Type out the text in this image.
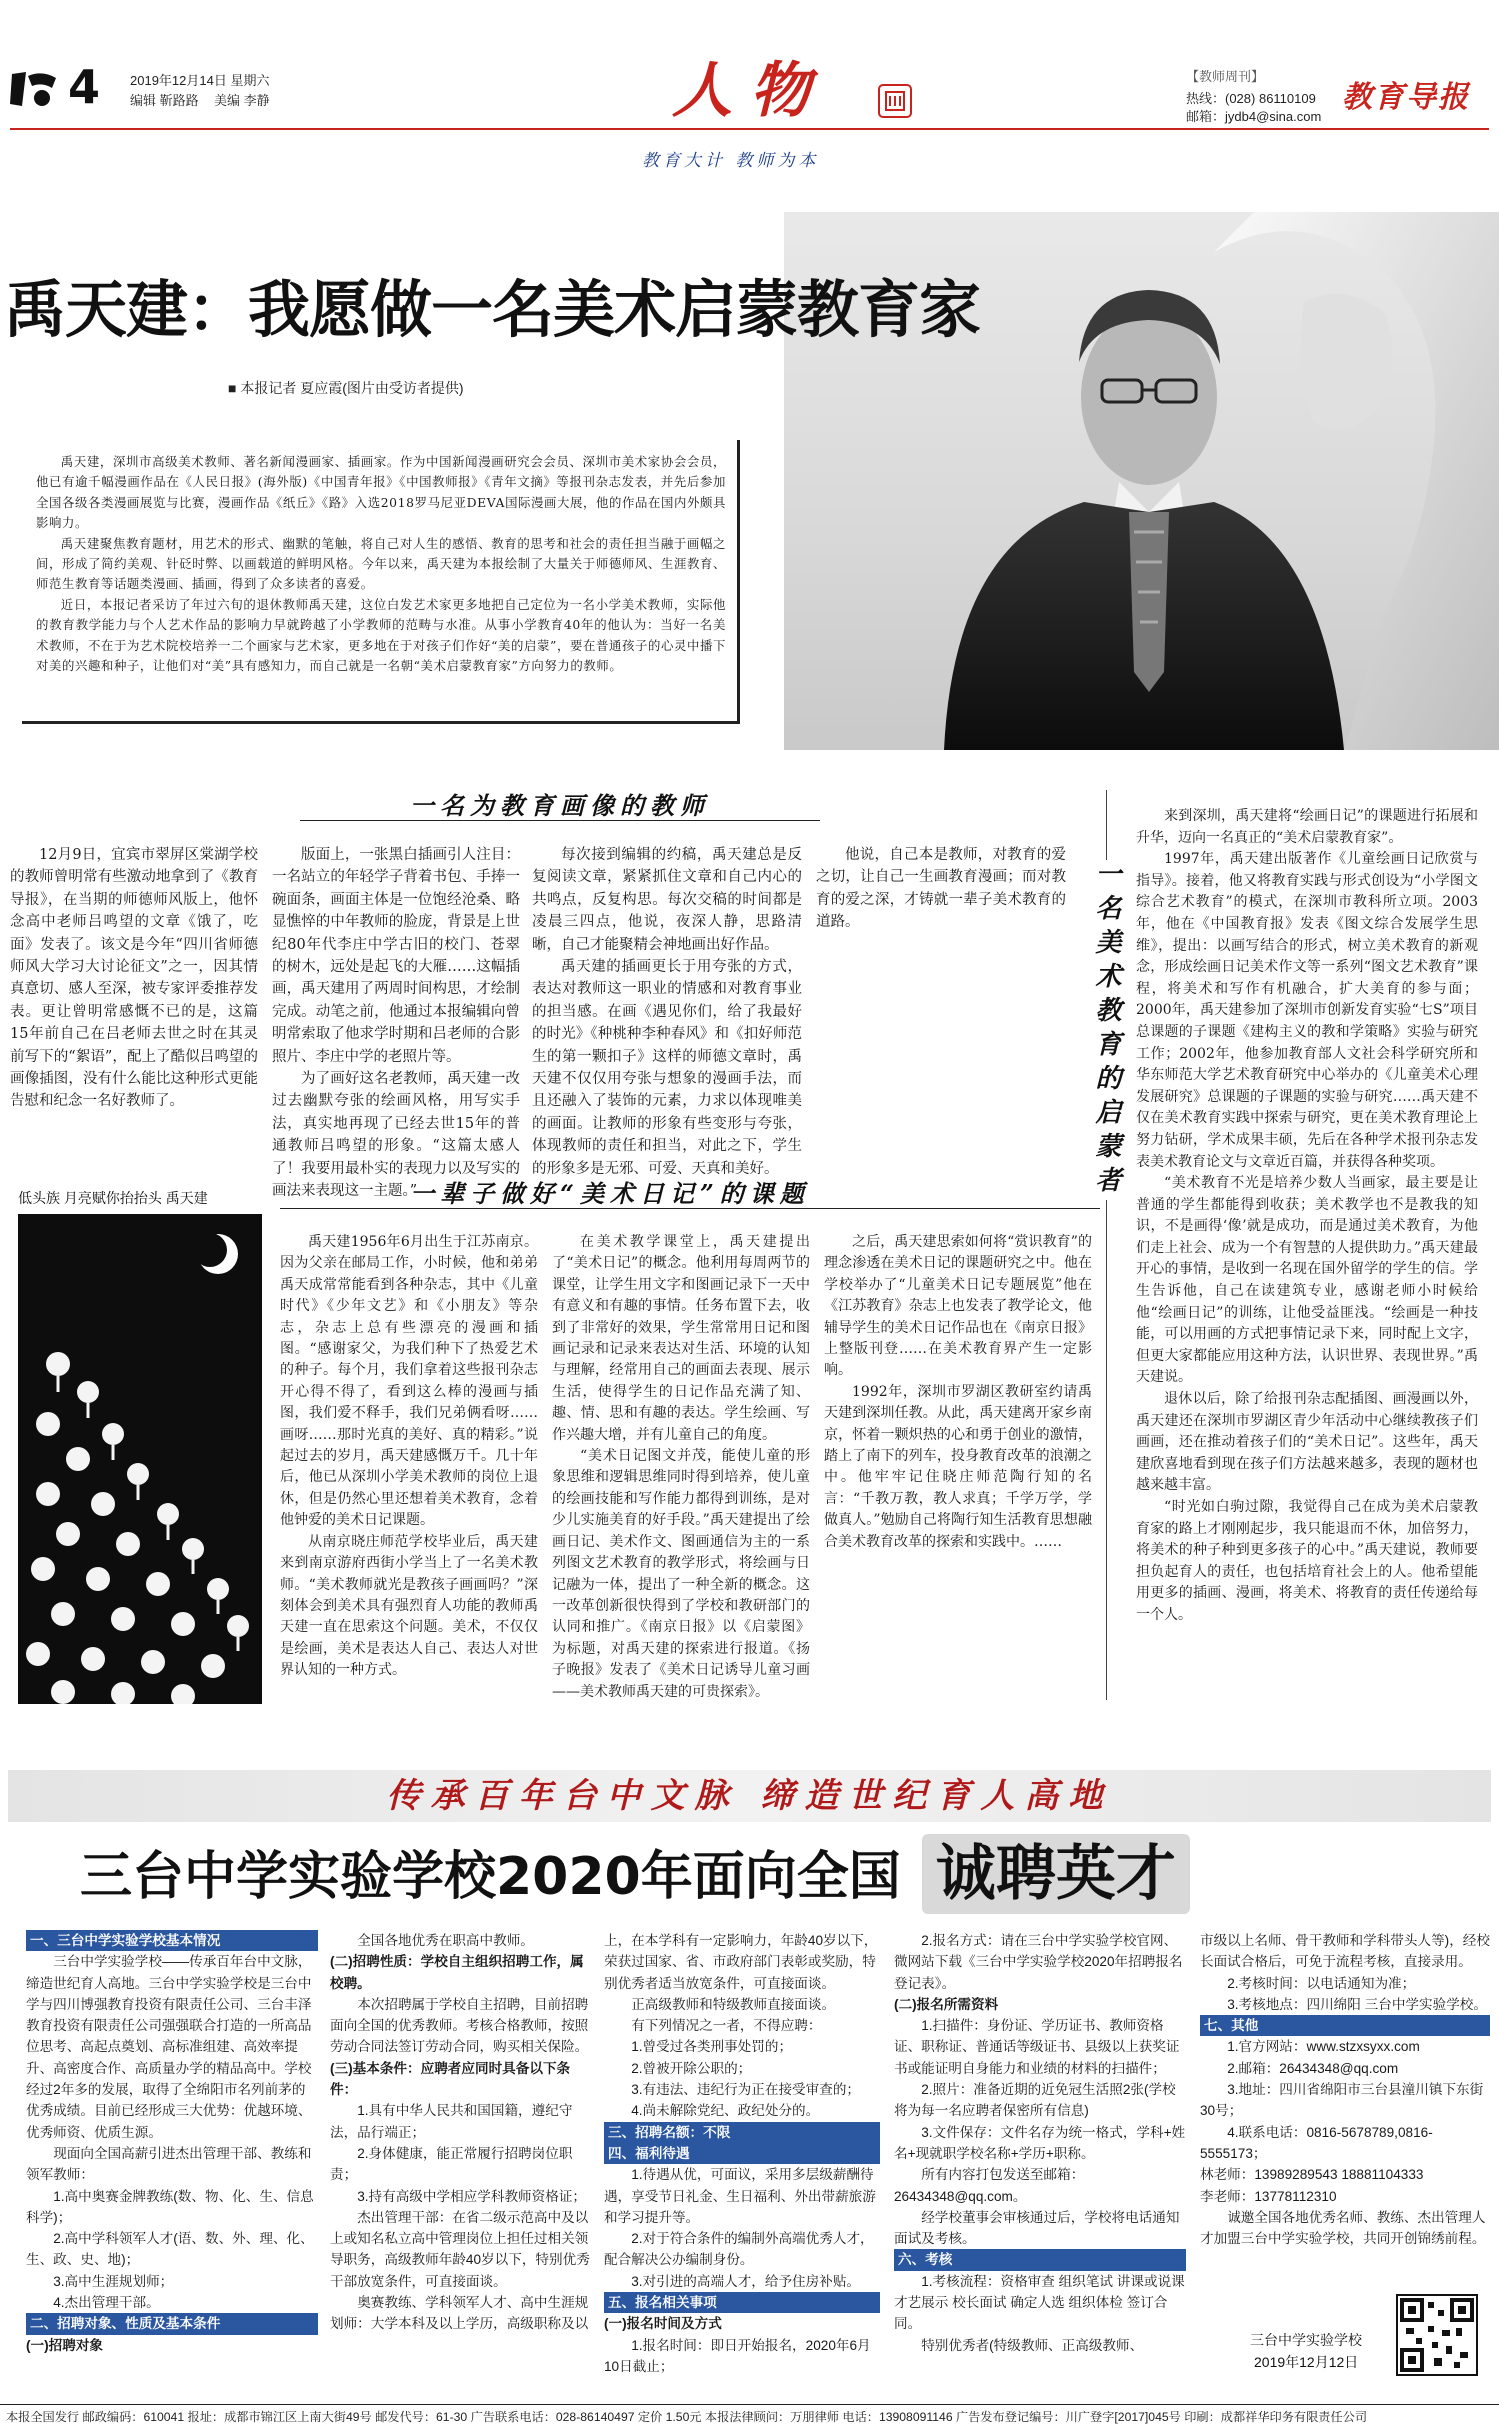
4 2019年12月14日 星期六
编辑 靳路路 美编 李静	人物
教育大计 教师为本
【教师周刊】
热线：(028) 86110109
邮箱：jydb4@sina.com
教育导报
禹天建：我愿做一名美术启蒙教育家
■ 本报记者 夏应霞(图片由受访者提供)

禹天建，深圳市高级美术教师、著名新闻漫画家、插画家。作为中国新闻漫画研究会会员、深圳市美术家协会会员，他已有逾千幅漫画作品在《人民日报》(海外版)《中国青年报》《中国教师报》《青年文摘》等报刊杂志发表，并先后参加全国各级各类漫画展览与比赛，漫画作品《纸丘》《路》入选2018罗马尼亚DEVA国际漫画大展，他的作品在国内外颇具影响力。

禹天建聚焦教育题材，用艺术的形式、幽默的笔触，将自己对人生的感悟、教育的思考和社会的责任担当融于画幅之间，形成了简约美观、针砭时弊、以画载道的鲜明风格。今年以来，禹天建为本报绘制了大量关于师德师风、生涯教育、师范生教育等话题类漫画、插画，得到了众多读者的喜爱。

近日，本报记者采访了年过六旬的退休教师禹天建，这位白发艺术家更多地把自己定位为一名小学美术教师，实际他的教育教学能力与个人艺术作品的影响力早就跨越了小学教师的范畴与水准。从事小学教育40年的他认为：当好一名美术教师，不在于为艺术院校培养一二个画家与艺术家，更多地在于对孩子们作好“美的启蒙”，要在普通孩子的心灵中播下对美的兴趣和种子，让他们对“美”具有感知力，而自己就是一名朝“美术启蒙教育家”方向努力的教师。

一名为教育画像的教师

12月9日，宜宾市翠屏区棠湖学校的教师曾明常有些激动地拿到了《教育导报》，在当期的师德师风版上，他怀念高中老师吕鸣望的文章《饿了，吃面》发表了。该文是今年“四川省师德师风大学习大讨论征文”之一，因其情真意切、感人至深，被专家评委推荐发表。更让曾明常感慨不已的是，这篇15年前自己在吕老师去世之时在其灵前写下的“絮语”，配上了酷似吕鸣望的画像插图，没有什么能比这种形式更能告慰和纪念一名好教师了。

版面上，一张黑白插画引人注目：一名站立的年轻学子背着书包、手捧一碗面条，画面主体是一位饱经沧桑、略显憔悴的中年教师的脸庞，背景是上世纪80年代李庄中学古旧的校门、苍翠的树木，远处是起飞的大雁……这幅插画，禹天建用了两周时间构思，才绘制完成。动笔之前，他通过本报编辑向曾明常索取了他求学时期和吕老师的合影照片、李庄中学的老照片等。

为了画好这名老教师，禹天建一改过去幽默夸张的绘画风格，用写实手法，真实地再现了已经去世15年的普通教师吕鸣望的形象。“这篇太感人了！我要用最朴实的表现力以及写实的画法来表现这一主题。”

每次接到编辑的约稿，禹天建总是反复阅读文章，紧紧抓住文章和自己内心的共鸣点，反复构思。每次交稿的时间都是凌晨三四点，他说，夜深人静，思路清晰，自己才能聚精会神地画出好作品。

禹天建的插画更长于用夸张的方式，表达对教师这一职业的情感和对教育事业的担当感。在画《遇见你们，给了我最好的时光》《种桃种李种春风》和《扣好师范生的第一颗扣子》这样的师德文章时，禹天建不仅仅用夸张与想象的漫画手法，而且还融入了装饰的元素，力求以体现唯美的画面。让教师的形象有些变形与夸张，体现教师的责任和担当，对此之下，学生的形象多是无邪、可爱、天真和美好。

他说，自己本是教师，对教育的爱之切，让自己一生画教育漫画；而对教育的爱之深，才铸就一辈子美术教育的道路。	一名美术教育的启蒙者

来到深圳，禹天建将“绘画日记”的课题进行拓展和升华，迈向一名真正的“美术启蒙教育家”。

1997年，禹天建出版著作《儿童绘画日记欣赏与指导》。接着，他又将教育实践与形式创设为“小学图文综合艺术教育”的模式，在深圳市教科所立项。2003年，他在《中国教育报》发表《图文综合发展学生思维》，提出：以画写结合的形式，树立美术教育的新观念，形成绘画日记美术作文等一系列“图文艺术教育”课程，将美术和写作有机融合，扩大美育的参与面；2000年，禹天建参加了深圳市创新发育实验“七S”项目总课题的子课题《建构主义的教和学策略》实验与研究工作；2002年，他参加教育部人文社会科学研究所和华东师范大学艺术教育研究中心举办的《儿童美术心理发展研究》总课题的子课题的实验与研究……禹天建不仅在美术教育实践中探索与研究，更在美术教育理论上努力钻研，学术成果丰硕，先后在各种学术报刊杂志发表美术教育论文与文章近百篇，并获得各种奖项。

“美术教育不光是培养少数人当画家，最主要是让普通的学生都能得到收获；美术教学也不是教我的知识，不是画得‘像’就是成功，而是通过美术教育，为他们走上社会、成为一个有智慧的人提供助力。”禹天建最开心的事情，是收到一名现在国外留学的学生的信。学生告诉他，自己在读建筑专业，感谢老师小时候给他“绘画日记”的训练，让他受益匪浅。“绘画是一种技能，可以用画的方式把事情记录下来，同时配上文字，但更大家都能应用这种方法，认识世界、表现世界。”禹天建说。

退休以后，除了给报刊杂志配插图、画漫画以外，禹天建还在深圳市罗湖区青少年活动中心继续教孩子们画画，还在推动着孩子们的“美术日记”。这些年，禹天建欣喜地看到现在孩子们方法越来越多，表现的题材也越来越丰富。

“时光如白驹过隙，我觉得自己在成为美术启蒙教育家的路上才刚刚起步，我只能退而不休，加倍努力，将美术的种子种到更多孩子的心中。”禹天建说，教师要担负起育人的责任，也包括培育社会上的人。他希望能用更多的插画、漫画，将美术、将教育的责任传递给每一个人。

低头族 月亮赋你抬抬头 禹天建	一辈子做好“美术日记”的课题

禹天建1956年6月出生于江苏南京。因为父亲在邮局工作，小时候，他和弟弟禹天成常常能看到各种杂志，其中《儿童时代》《少年文艺》和《小朋友》等杂志，杂志上总有些漂亮的漫画和插图。“感谢家父，为我们种下了热爱艺术的种子。每个月，我们拿着这些报刊杂志开心得不得了，看到这么棒的漫画与插图，我们爱不释手，我们兄弟俩看呀……画呀……那时光真的美好、真的精彩。”说起过去的岁月，禹天建感慨万千。几十年后，他已从深圳小学美术教师的岗位上退休，但是仍然心里还想着美术教育，念着他钟爱的美术日记课题。

从南京晓庄师范学校毕业后，禹天建来到南京游府西街小学当上了一名美术教师。“美术教师就光是教孩子画画吗？”深刻体会到美术具有强烈育人功能的教师禹天建一直在思索这个问题。美术，不仅仅是绘画，美术是表达人自己、表达人对世界认知的一种方式。

在美术教学课堂上，禹天建提出了“美术日记”的概念。他利用每周两节的课堂，让学生用文字和图画记录下一天中有意义和有趣的事情。任务布置下去，收到了非常好的效果，学生常常用日记和图画记录和记录来表达对生活、环境的认知与理解，经常用自己的画面去表现、展示生活，使得学生的日记作品充满了知、趣、情、思和有趣的表达。学生绘画、写作兴趣大增，并有儿童自己的角度。

“美术日记图文并茂，能使儿童的形象思维和逻辑思维同时得到培养，使儿童的绘画技能和写作能力都得到训练，是对少儿实施美育的好手段。”禹天建提出了绘画日记、美术作文、图画通信为主的一系列图文艺术教育的教学形式，将绘画与日记融为一体，提出了一种全新的概念。这一改革创新很快得到了学校和教研部门的认同和推广。《南京日报》以《启蒙图》为标题，对禹天建的探索进行报道。《扬子晚报》发表了《美术日记诱导儿童习画——美术教师禹天建的可贵探索》。

之后，禹天建思索如何将“赏识教育”的理念渗透在美术日记的课题研究之中。他在学校举办了“儿童美术日记专题展览”他在《江苏教育》杂志上也发表了教学论文，他辅导学生的美术日记作品也在《南京日报》上整版刊登……在美术教育界产生一定影响。

1992年，深圳市罗湖区教研室约请禹天建到深圳任教。从此，禹天建离开家乡南京，怀着一颗炽热的心和勇于创业的激情，踏上了南下的列车，投身教育改革的浪潮之中。他牢牢记住晓庄师范陶行知的名言：“千教万教，教人求真；千学万学，学做真人。”勉励自己将陶行知生活教育思想融合美术教育改革的探索和实践中。……

传承百年台中文脉 缔造世纪育人高地
三台中学实验学校2020年面向全国 诚聘英才
一、三台中学实验学校基本情况
三台中学实验学校——传承百年台中文脉，缔造世纪育人高地。三台中学实验学校是三台中学与四川博强教育投资有限责任公司、三台丰泽教育投资有限责任公司强强联合打造的一所高品位思考、高起点奠划、高标准组建、高效率提升、高密度合作、高质量办学的精品高中。学校经过2年多的发展，取得了全绵阳市名列前茅的优秀成绩。目前已经形成三大优势：优越环境、优秀师资、优质生源。
现面向全国高薪引进杰出管理干部、教练和领军教师：
1.高中奥赛金牌教练(数、物、化、生、信息科学)；
2.高中学科领军人才(语、数、外、理、化、生、政、史、地)；
3.高中生涯规划师；
4.杰出管理干部。
二、招聘对象、性质及基本条件
(一)招聘对象
全国各地优秀在职高中教师。
(二)招聘性质：学校自主组织招聘工作，属校聘。
本次招聘属于学校自主招聘，目前招聘面向全国的优秀教师。考核合格教师，按照劳动合同法签订劳动合同，购买相关保险。
(三)基本条件：应聘者应同时具备以下条件：
1.具有中华人民共和国国籍，遵纪守法，品行端正；
2.身体健康，能正常履行招聘岗位职责；
3.持有高级中学相应学科教师资格证；
杰出管理干部：在省二级示范高中及以上或知名私立高中管理岗位上担任过相关领导职务，高级教师年龄40岁以下，特别优秀干部放宽条件，可直接面谈。
奥赛教练、学科领军人才、高中生涯规划师：大学本科及以上学历，高级职称及以
上，在本学科有一定影响力，年龄40岁以下，荣获过国家、省、市政府部门表彰或奖励，特别优秀者适当放宽条件，可直接面谈。
正高级教师和特级教师直接面谈。
有下列情况之一者，不得应聘：
1.曾受过各类刑事处罚的；
2.曾被开除公职的；
3.有违法、违纪行为正在接受审查的；
4.尚未解除党纪、政纪处分的。
三、招聘名额：不限
四、福利待遇
1.待遇从优，可面议，采用多层级薪酬待遇，享受节日礼金、生日福利、外出带薪旅游和学习提升等。
2.对于符合条件的编制外高端优秀人才，配合解决公办编制身份。
3.对引进的高端人才，给予住房补贴。
五、报名相关事项
(一)报名时间及方式
1.报名时间：即日开始报名，2020年6月10日截止；
2.报名方式：请在三台中学实验学校官网、微网站下载《三台中学实验学校2020年招聘报名登记表》。
(二)报名所需资料
1.扫描件：身份证、学历证书、教师资格证、职称证、普通话等级证书、县级以上获奖证书或能证明自身能力和业绩的材料的扫描件；
2.照片：准备近期的近免冠生活照2张(学校将为每一名应聘者保密所有信息)
3.文件保存：文件名存为统一格式，学科+姓名+现就职学校名称+学历+职称。
所有内容打包发送至邮箱：26434348@qq.com。
经学校董事会审核通过后，学校将电话通知面试及考核。
六、考核
1.考核流程：资格审查 组织笔试 讲课或说课 才艺展示 校长面试 确定人选 组织体检 签订合同。
特别优秀者(特级教师、正高级教师、
市级以上名师、骨干教师和学科带头人等)，经校长面试合格后，可免于流程考核，直接录用。
2.考核时间：以电话通知为准；
3.考核地点：四川绵阳 三台中学实验学校。
七、其他
1.官方网站：www.stzxsyxx.com
2.邮箱：26434348@qq.com
3.地址：四川省绵阳市三台县潼川镇下东街30号；
4.联系电话：0816-5678789,0816-5555173；
林老师：13989289543 18881104333
李老师：13778112310
诚邀全国各地优秀名师、教练、杰出管理人才加盟三台中学实验学校，共同开创锦绣前程。
三台中学实验学校
2019年12月12日
本报全国发行 邮政编码：610041 报址：成都市锦江区上南大街49号 邮发代号：61-30 广告联系电话：028-86140497 定价 1.50元 本报法律顾问：万朋律师 电话：13908091146 广告发布登记编号：川广登字[2017]045号 印刷：成都祥华印务有限责任公司
